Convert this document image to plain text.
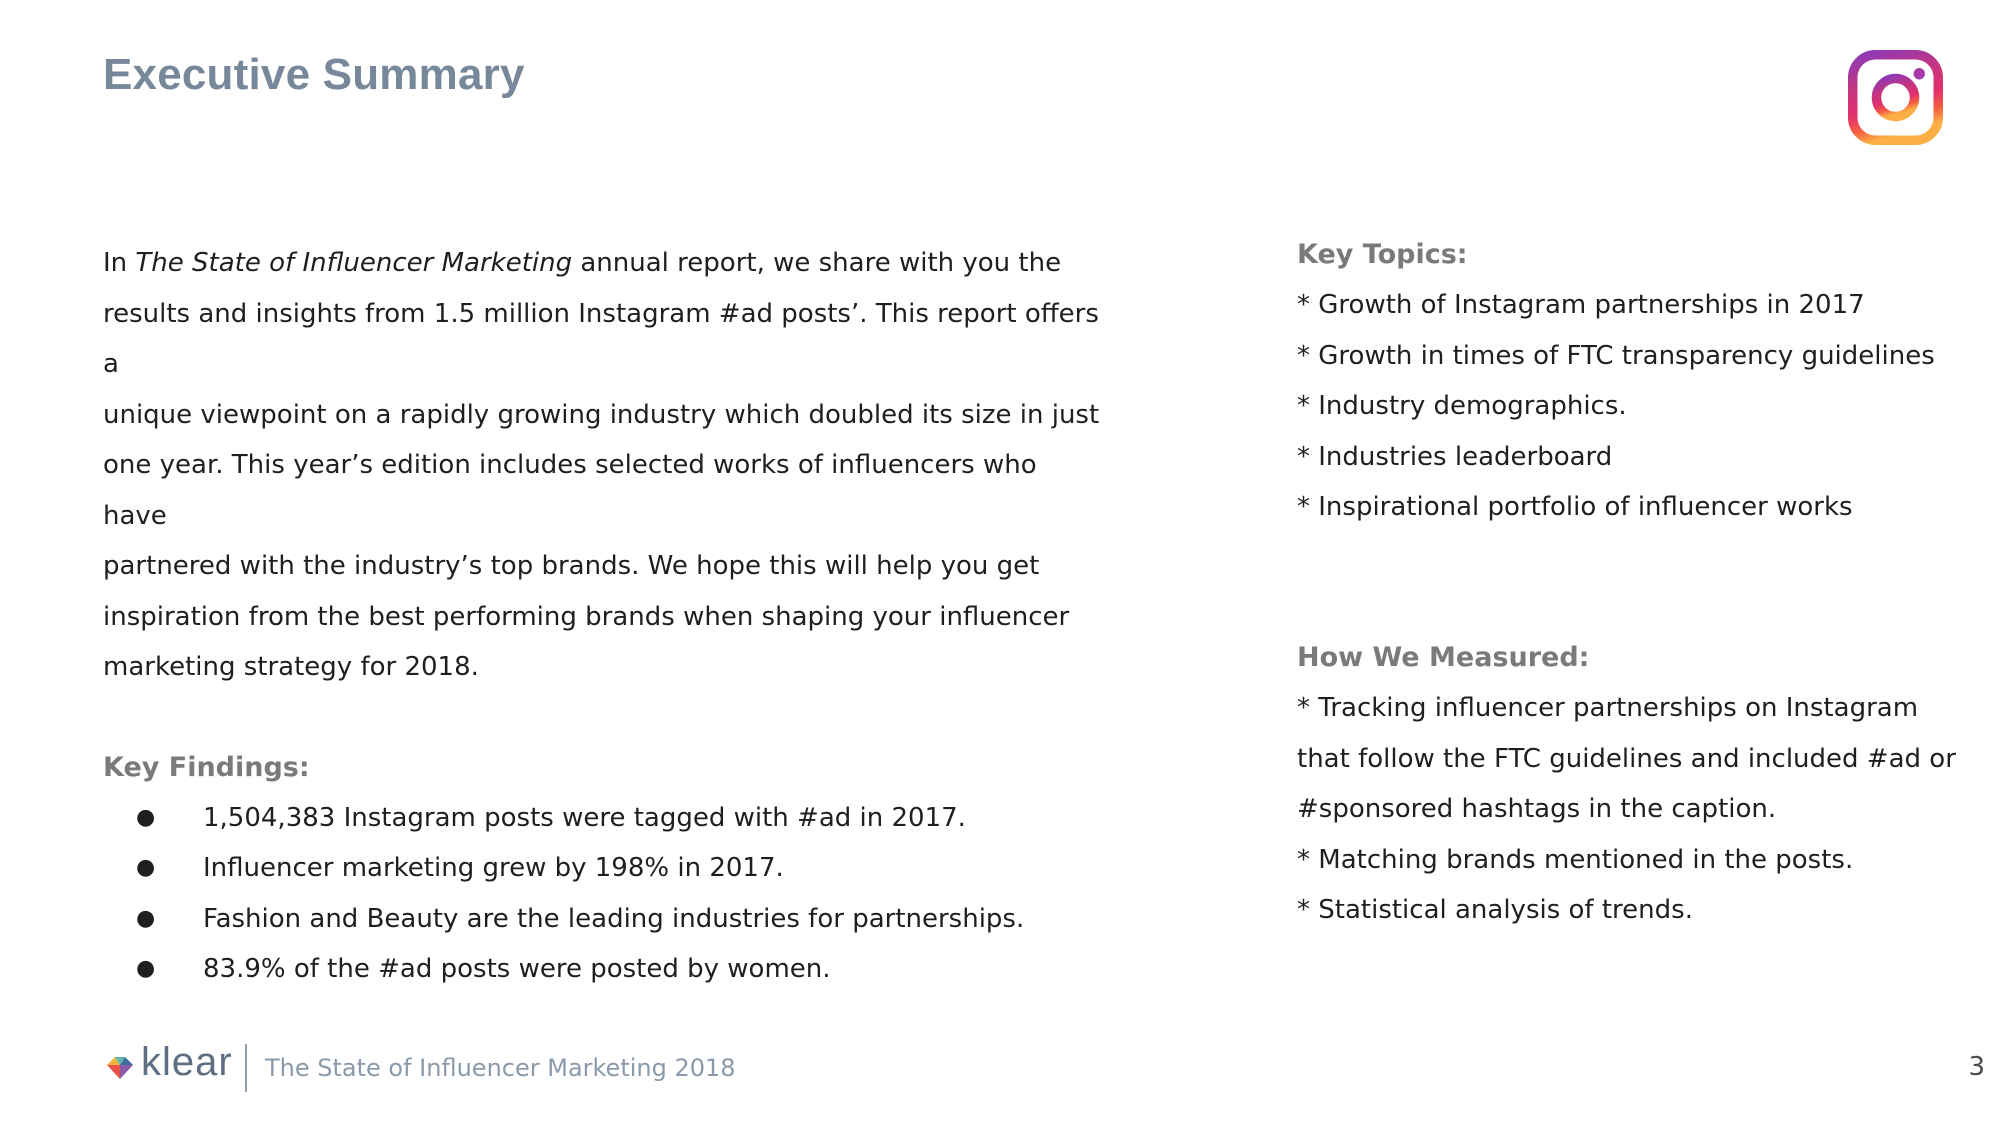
Executive Summary
In The State of Influencer Marketing annual report, we share with you the
results and insights from 1.5 million Instagram #ad posts’. This report offers a
unique viewpoint on a rapidly growing industry which doubled its size in just
one year. This year’s edition includes selected works of influencers who have
partnered with the industry’s top brands. We hope this will help you get
inspiration from the best performing brands when shaping your influencer
marketing strategy for 2018.
Key Findings:
● 1,504,383 Instagram posts were tagged with #ad in 2017.
● Influencer marketing grew by 198% in 2017.
● Fashion and Beauty are the leading industries for partnerships.
● 83.9% of the #ad posts were posted by women.
Key Topics:
* Growth of Instagram partnerships in 2017
* Growth in times of FTC transparency guidelines
* Industry demographics.
* Industries leaderboard
* Inspirational portfolio of influencer works
How We Measured:
* Tracking influencer partnerships on Instagram
that follow the FTC guidelines and included #ad or
#sponsored hashtags in the caption.
* Matching brands mentioned in the posts.
* Statistical analysis of trends.
klear The State of Influencer Marketing 2018	3
